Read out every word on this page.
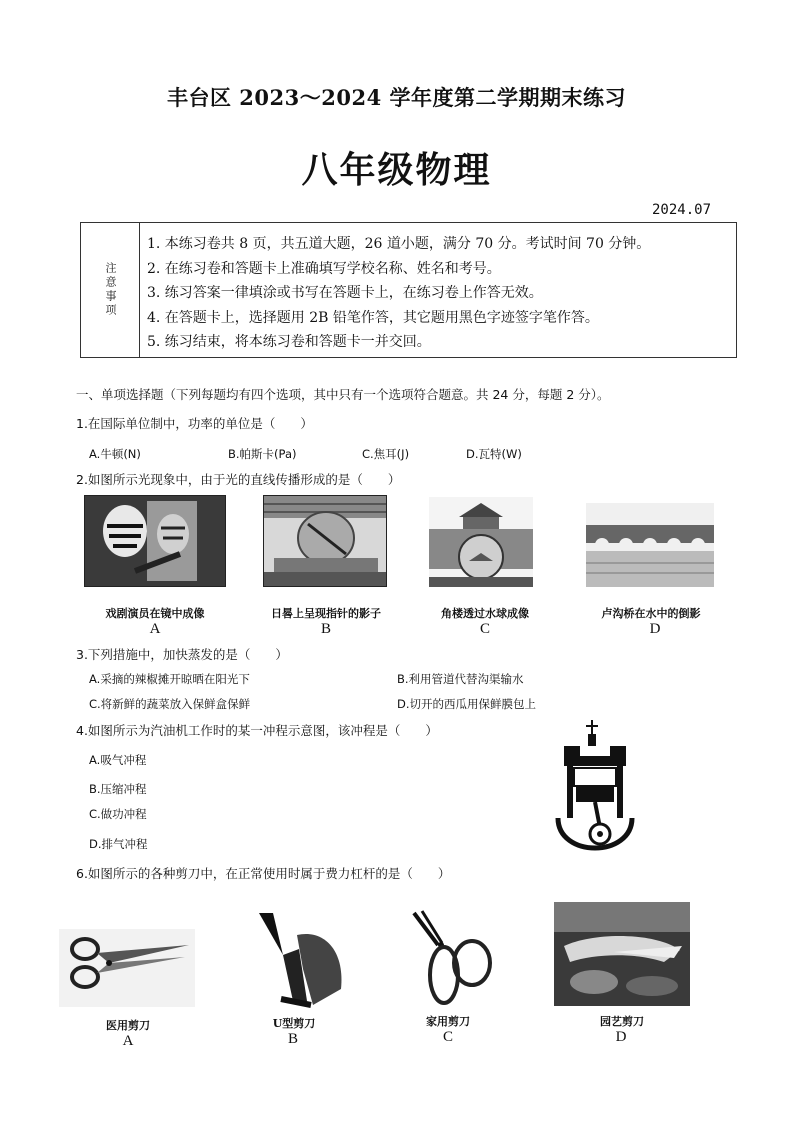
丰台区 2023～2024 学年度第二学期期末练习
八年级物理
2024.07
注意事项
1. 本练习卷共 8 页，共五道大题，26 道小题，满分 70 分。考试时间 70 分钟。
2. 在练习卷和答题卡上准确填写学校名称、姓名和考号。
3. 练习答案一律填涂或书写在答题卡上，在练习卷上作答无效。
4. 在答题卡上，选择题用 2B 铅笔作答，其它题用黑色字迹签字笔作答。
5. 练习结束，将本练习卷和答题卡一并交回。
一、单项选择题（下列每题均有四个选项，其中只有一个选项符合题意。共 24 分，每题 2 分）。
1.在国际单位制中，功率的单位是（　　）
A.牛顿(N)	B.帕斯卡(Pa)	C.焦耳(J)	D.瓦特(W)
2.如图所示光现象中，由于光的直线传播形成的是（　　）
戏剧演员在镜中成像	日晷上呈现指针的影子	角楼透过水球成像	卢沟桥在水中的倒影
A	B	C	D
3.下列措施中，加快蒸发的是（　　）
A.采摘的辣椒摊开晾晒在阳光下	B.利用管道代替沟渠输水
C.将新鲜的蔬菜放入保鲜盒保鲜	D.切开的西瓜用保鲜膜包上
4.如图所示为汽油机工作时的某一冲程示意图，该冲程是（　　）
A.吸气冲程
B.压缩冲程
C.做功冲程
D.排气冲程
6.如图所示的各种剪刀中，在正常使用时属于费力杠杆的是（　　）
医用剪刀	U型剪刀	家用剪刀	园艺剪刀
A	B	C	D
